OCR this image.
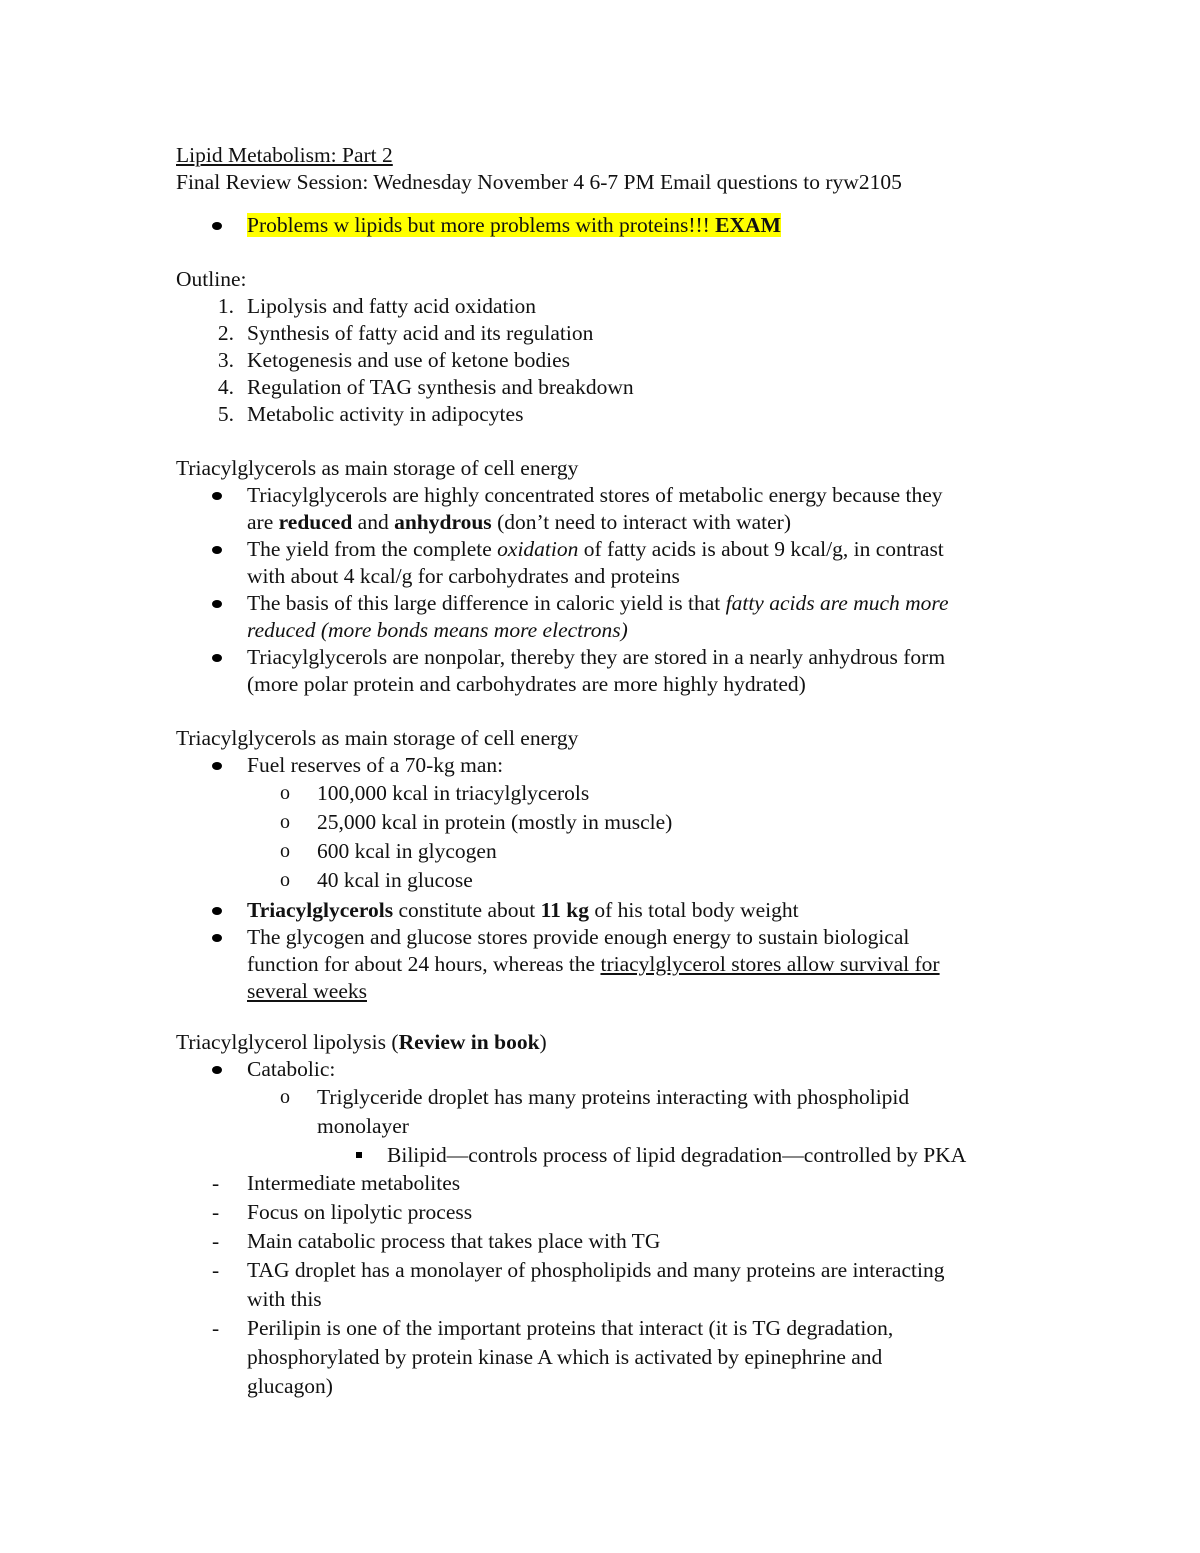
Lipid Metabolism: Part 2
Final Review Session: Wednesday November 4 6-7 PM Email questions to ryw2105
Problems w lipids but more problems with proteins!!! EXAM
Outline:
1. Lipolysis and fatty acid oxidation
2. Synthesis of fatty acid and its regulation
3. Ketogenesis and use of ketone bodies
4. Regulation of TAG synthesis and breakdown
5. Metabolic activity in adipocytes
Triacylglycerols as main storage of cell energy
Triacylglycerols are highly concentrated stores of metabolic energy because they
are reduced and anhydrous (don’t need to interact with water)
The yield from the complete oxidation of fatty acids is about 9 kcal/g, in contrast
with about 4 kcal/g for carbohydrates and proteins
The basis of this large difference in caloric yield is that fatty acids are much more
reduced (more bonds means more electrons)
Triacylglycerols are nonpolar, thereby they are stored in a nearly anhydrous form
(more polar protein and carbohydrates are more highly hydrated)
Triacylglycerols as main storage of cell energy
Fuel reserves of a 70-kg man:
o	100,000 kcal in triacylglycerols
o	25,000 kcal in protein (mostly in muscle)
o	600 kcal in glycogen
o	40 kcal in glucose
Triacylglycerols constitute about 11 kg of his total body weight
The glycogen and glucose stores provide enough energy to sustain biological
function for about 24 hours, whereas the triacylglycerol stores allow survival for
several weeks
Triacylglycerol lipolysis (Review in book)
Catabolic:
o	Triglyceride droplet has many proteins interacting with phospholipid
monolayer
Bilipid—controls process of lipid degradation—controlled by PKA
-	Intermediate metabolites
-	Focus on lipolytic process
-	Main catabolic process that takes place with TG
-	TAG droplet has a monolayer of phospholipids and many proteins are interacting
with this
-	Perilipin is one of the important proteins that interact (it is TG degradation,
phosphorylated by protein kinase A which is activated by epinephrine and
glucagon)
